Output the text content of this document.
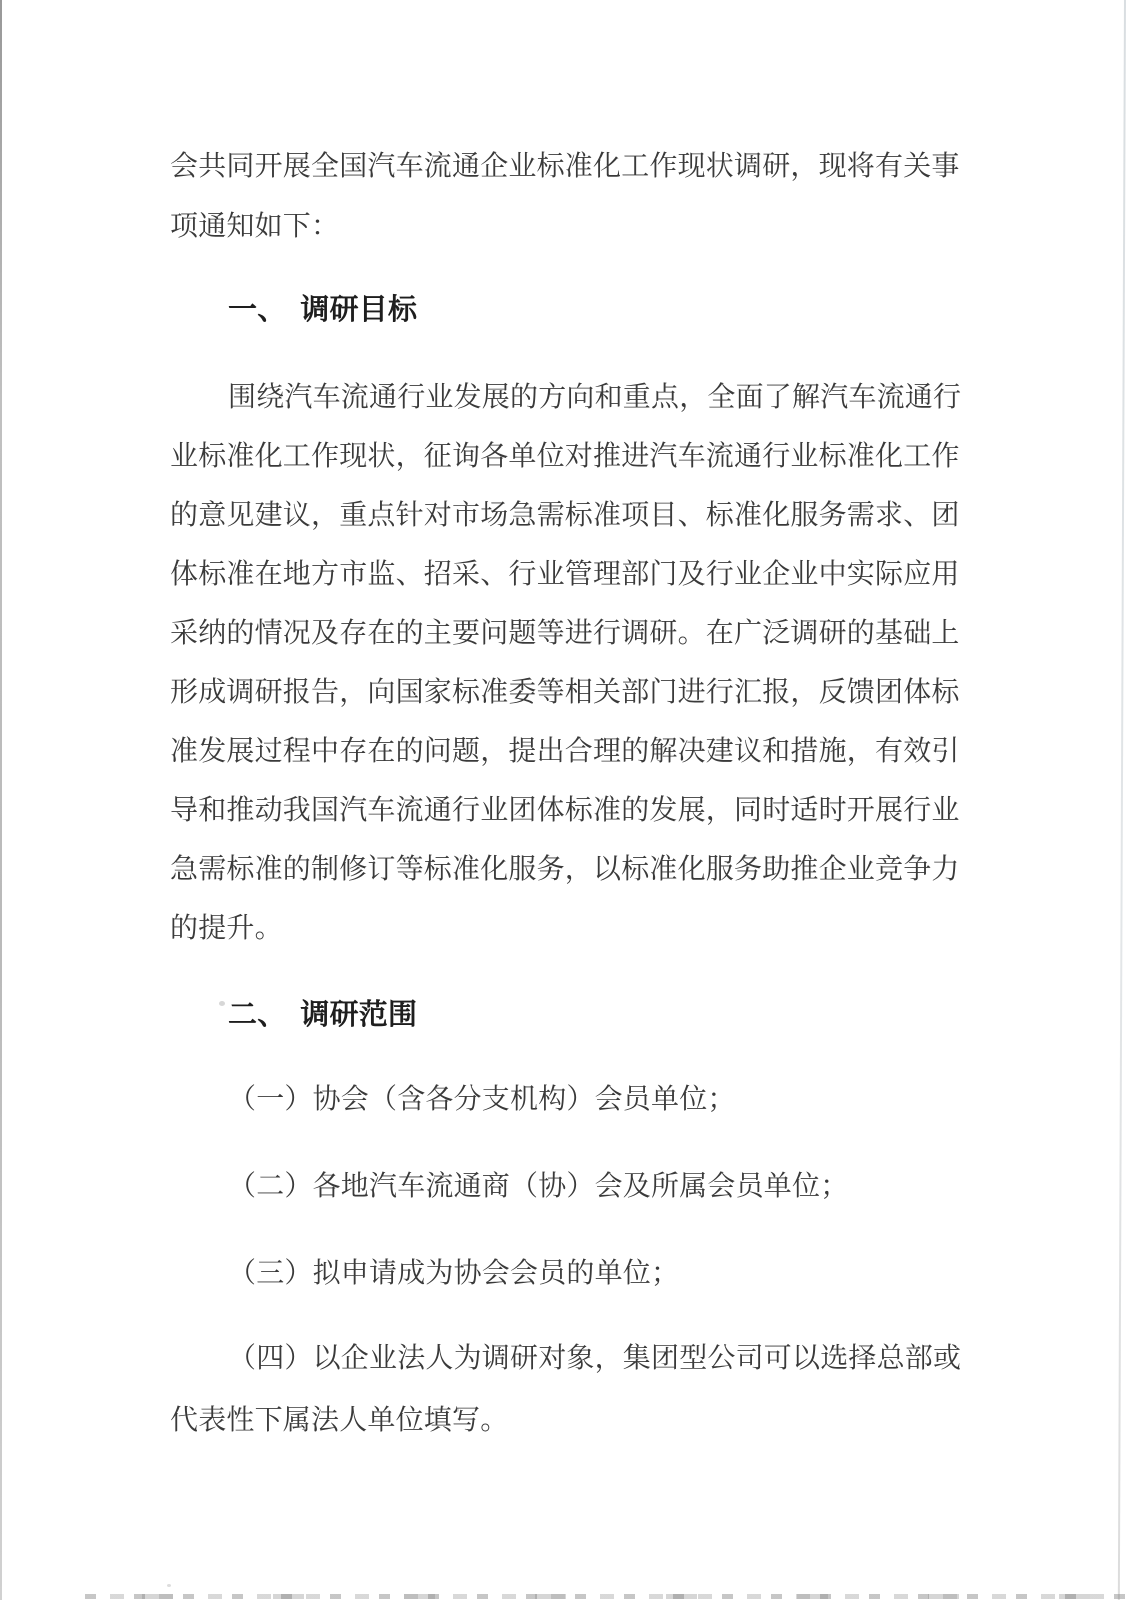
会共同开展全国汽车流通企业标准化工作现状调研，现将有关事
项通知如下：
一、 调研目标
围绕汽车流通行业发展的方向和重点，全面了解汽车流通行
业标准化工作现状，征询各单位对推进汽车流通行业标准化工作
的意见建议，重点针对市场急需标准项目、标准化服务需求、团
体标准在地方市监、招采、行业管理部门及行业企业中实际应用
采纳的情况及存在的主要问题等进行调研。在广泛调研的基础上
形成调研报告，向国家标准委等相关部门进行汇报，反馈团体标
准发展过程中存在的问题，提出合理的解决建议和措施，有效引
导和推动我国汽车流通行业团体标准的发展，同时适时开展行业
急需标准的制修订等标准化服务，以标准化服务助推企业竞争力
的提升。
二、 调研范围
（一）协会（含各分支机构）会员单位；
（二）各地汽车流通商（协）会及所属会员单位；
（三）拟申请成为协会会员的单位；
（四）以企业法人为调研对象，集团型公司可以选择总部或
代表性下属法人单位填写。
